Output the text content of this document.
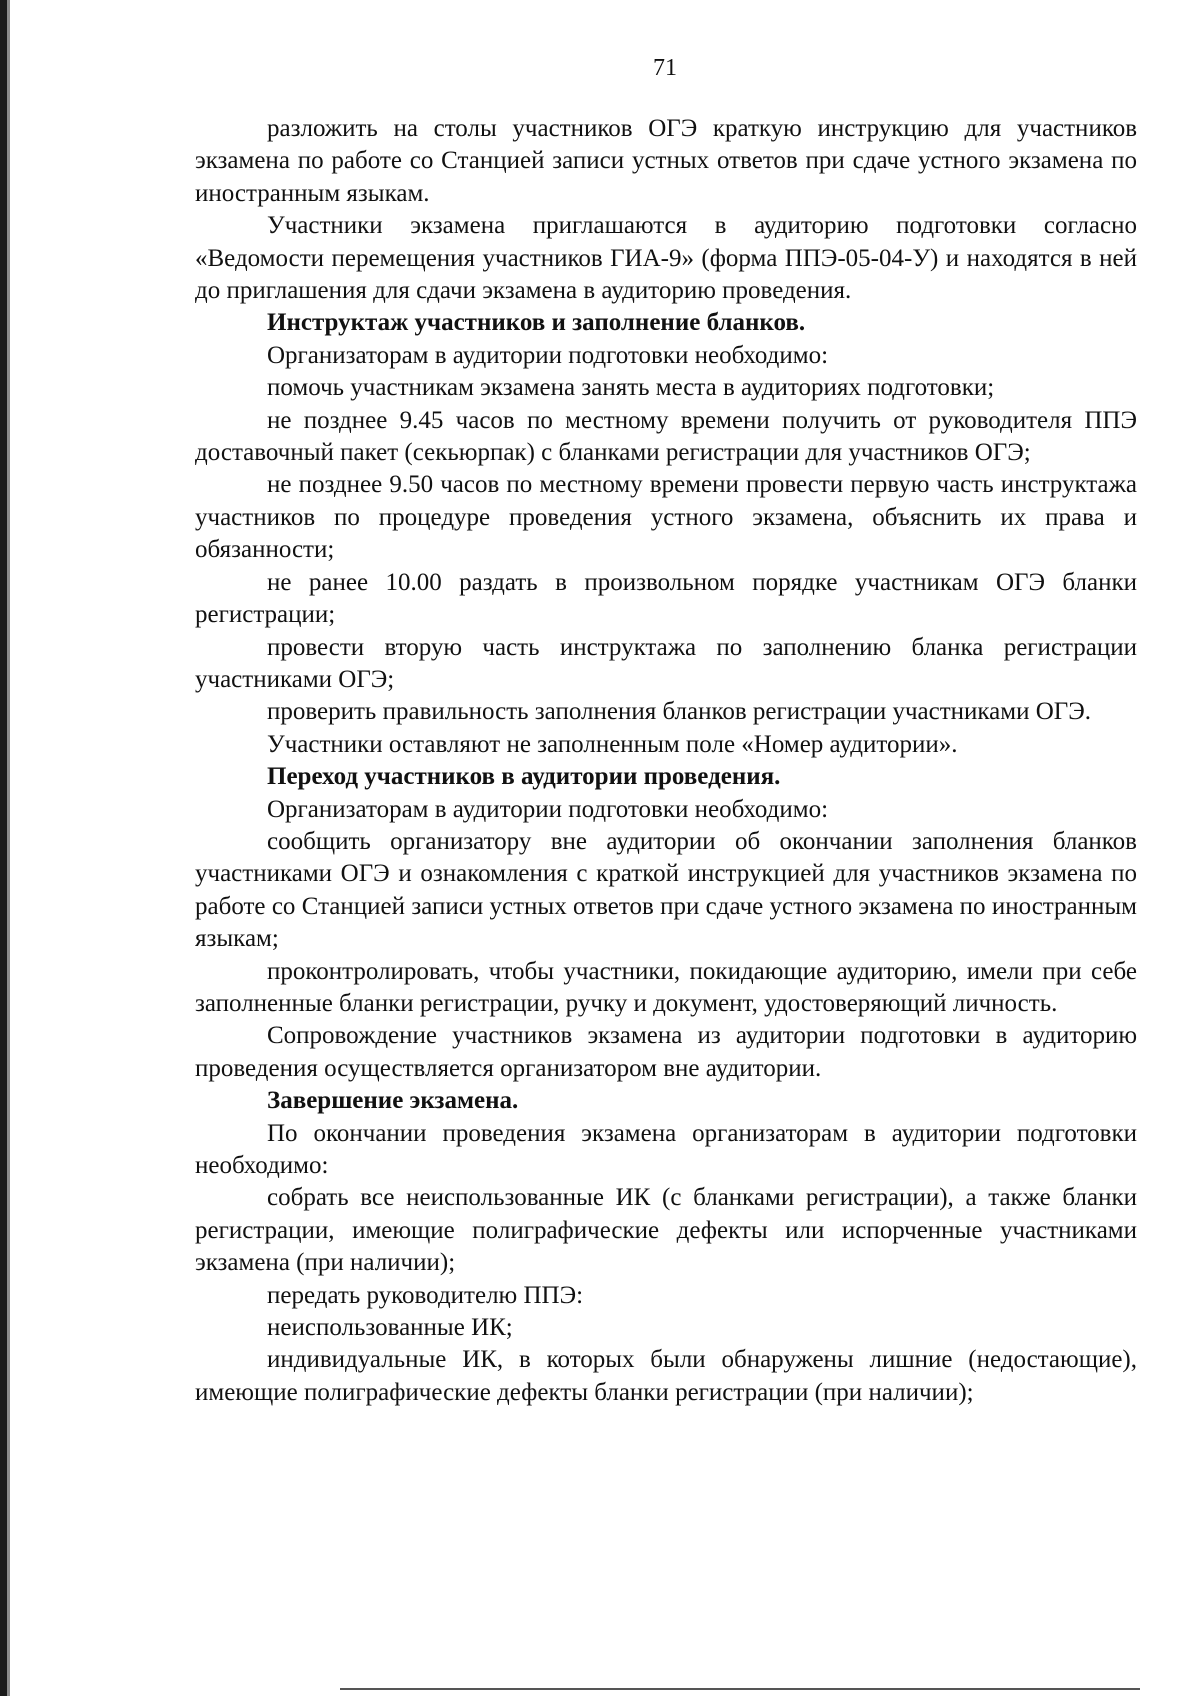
71

разложить на столы участников ОГЭ краткую инструкцию для участников экзамена по работе со Станцией записи устных ответов при сдаче устного экзамена по иностранным языкам.

Участники экзамена приглашаются в аудиторию подготовки согласно «Ведомости перемещения участников ГИА-9» (форма ППЭ-05-04-У) и находятся в ней до приглашения для сдачи экзамена в аудиторию проведения.

Инструктаж участников и заполнение бланков.

Организаторам в аудитории подготовки необходимо:

помочь участникам экзамена занять места в аудиториях подготовки;

не позднее 9.45 часов по местному времени получить от руководителя ППЭ доставочный пакет (секьюрпак) с бланками регистрации для участников ОГЭ;

не позднее 9.50 часов по местному времени провести первую часть инструктажа участников по процедуре проведения устного экзамена, объяснить их права и обязанности;

не ранее 10.00 раздать в произвольном порядке участникам ОГЭ бланки регистрации;

провести вторую часть инструктажа по заполнению бланка регистрации участниками ОГЭ;

проверить правильность заполнения бланков регистрации участниками ОГЭ.

Участники оставляют не заполненным поле «Номер аудитории».

Переход участников в аудитории проведения.

Организаторам в аудитории подготовки необходимо:

сообщить организатору вне аудитории об окончании заполнения бланков участниками ОГЭ и ознакомления с краткой инструкцией для участников экзамена по работе со Станцией записи устных ответов при сдаче устного экзамена по иностранным языкам;

проконтролировать, чтобы участники, покидающие аудиторию, имели при себе заполненные бланки регистрации, ручку и документ, удостоверяющий личность.

Сопровождение участников экзамена из аудитории подготовки в аудиторию проведения осуществляется организатором вне аудитории.

Завершение экзамена.

По окончании проведения экзамена организаторам в аудитории подготовки необходимо:

собрать все неиспользованные ИК (с бланками регистрации), а также бланки регистрации, имеющие полиграфические дефекты или испорченные участниками экзамена (при наличии);

передать руководителю ППЭ:

неиспользованные ИК;

индивидуальные ИК, в которых были обнаружены лишние (недостающие), имеющие полиграфические дефекты бланки регистрации (при наличии);
